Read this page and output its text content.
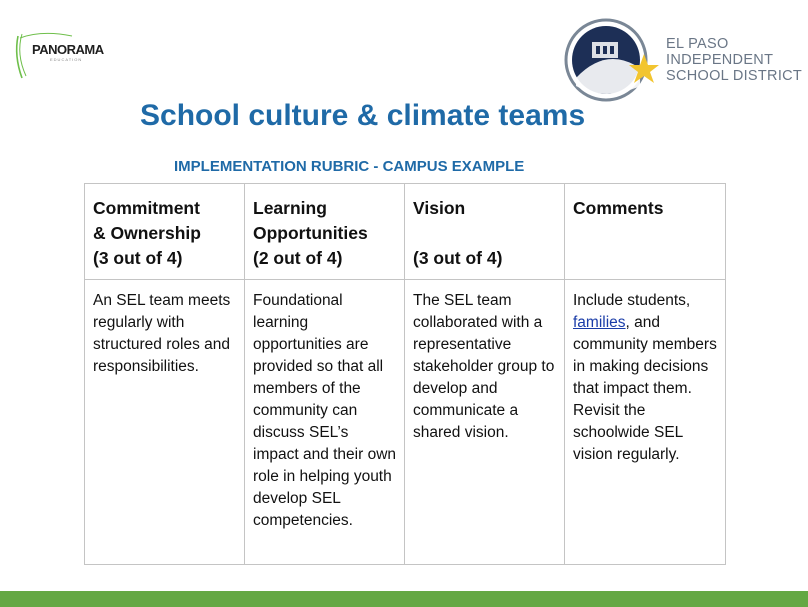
PANORAMA
EDUCATION
EL PASO
INDEPENDENT
SCHOOL DISTRICT
School culture & climate teams
IMPLEMENTATION RUBRIC - CAMPUS EXAMPLE
Commitment
& Ownership
(3 out of 4)	Learning
Opportunities
(2 out of 4)	Vision

(3 out of 4)	Comments

An SEL team meets regularly with structured roles and responsibilities.	Foundational learning opportunities are provided so that all members of the community can discuss SEL’s impact and their own role in helping youth develop SEL competencies.	The SEL team collaborated with a representative stakeholder group to develop and communicate a shared vision.	Include students, families, and community members in making decisions that impact them. Revisit the schoolwide SEL vision regularly.
